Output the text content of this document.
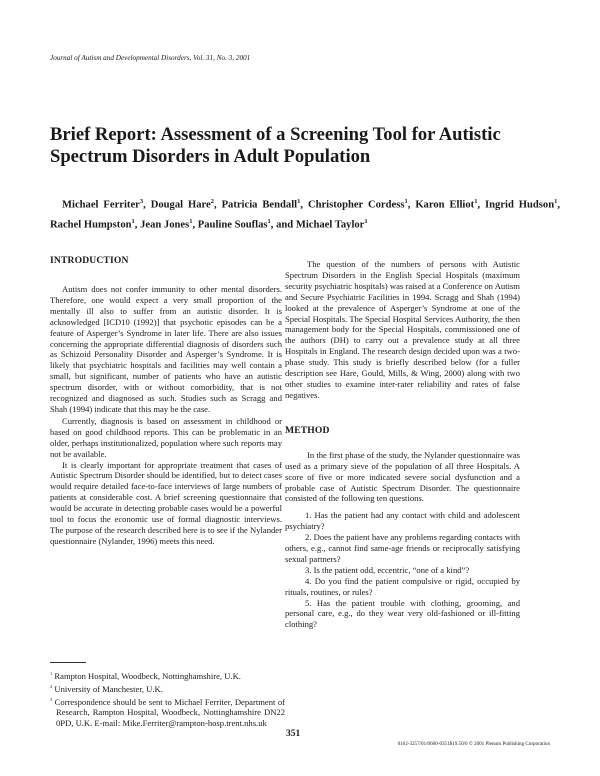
Journal of Autism and Developmental Disorders, Vol. 31, No. 3, 2001
Brief Report: Assessment of a Screening Tool for Autistic Spectrum Disorders in Adult Population

Michael Ferriter$^3$, Dougal Hare$^2$, Patricia Bendall$^1$, Christopher Cordess$^1$, Karon Elliot$^1$, Ingrid Hudson$^1$, Rachel Humpston$^1$, Jean Jones$^1$, Pauline Souflas$^1$, and Michael Taylor$^1$

INTRODUCTION

Autism does not confer immunity to other mental disorders. Therefore, one would expect a very small proportion of the mentally ill also to suffer from an autistic disorder. It is acknowledged [ICD10 (1992)] that psychotic episodes can be a feature of Asperger’s Syndrome in later life. There are also issues concerning the appropriate differential diagnosis of disorders such as Schizoid Personality Disorder and Asperger’s Syndrome. It is likely that psychiatric hospitals and facilities may well contain a small, but significant, number of patients who have an autistic spectrum disorder, with or without comorbidity, that is not recognized and diagnosed as such. Studies such as Scragg and Shah (1994) indicate that this may be the case.

Currently, diagnosis is based on assessment in childhood or based on good childhood reports. This can be problematic in an older, perhaps institutionalized, population where such reports may not be available.

It is clearly important for appropriate treatment that cases of Autistic Spectrum Disorder should be identified, but to detect cases would require detailed face-to-face interviews of large numbers of patients at considerable cost. A brief screening questionnaire that would be accurate in detecting probable cases would be a powerful tool to focus the economic use of formal diagnostic interviews. The purpose of the research described here is to see if the Nylander questionnaire (Nylander, 1996) meets this need.

The question of the numbers of persons with Autistic Spectrum Disorders in the English Special Hospitals (maximum security psychiatric hospitals) was raised at a Conference on Autism and Secure Psychiatric Facilities in 1994. Scragg and Shah (1994) looked at the prevalence of Asperger’s Syndrome at one of the Special Hospitals. The Special Hospital Services Authority, the then management body for the Special Hospitals, commissioned one of the authors (DH) to carry out a prevalence study at all three Hospitals in England. The research design decided upon was a two-phase study. This study is briefly described below (for a fuller description see Hare, Gould, Mills, & Wing, 2000) along with two other studies to examine inter-rater reliability and rates of false negatives.

METHOD

In the first phase of the study, the Nylander questionnaire was used as a primary sieve of the population of all three Hospitals. A score of five or more indicated severe social dysfunction and a probable case of Autistic Spectrum Disorder. The questionnaire consisted of the following ten questions.

1. Has the patient had any contact with child and adolescent psychiatry?

2. Does the patient have any problems regarding contacts with others, e.g., cannot find same-age friends or reciprocally satisfying sexual partners?

3. Is the patient odd, eccentric, “one of a kind”?

4. Do you find the patient compulsive or rigid, occupied by rituals, routines, or rules?

5. Has the patient trouble with clothing, grooming, and personal care, e.g., do they wear very old-fashioned or ill-fitting clothing?

$^1$ Rampton Hospital, Woodbeck, Nottinghamshire, U.K.

$^2$ University of Manchester, U.K.

$^3$ Correspondence should be sent to Michael Ferriter, Department of Research, Rampton Hospital, Woodbeck, Nottinghamshire DN22 0PD, U.K. E-mail: Mike.Ferriter@rampton-hosp.trent.nhs.uk

351
0162-3257/01/0600-0351$19.50/0 © 2001 Plenum Publishing Corporation
